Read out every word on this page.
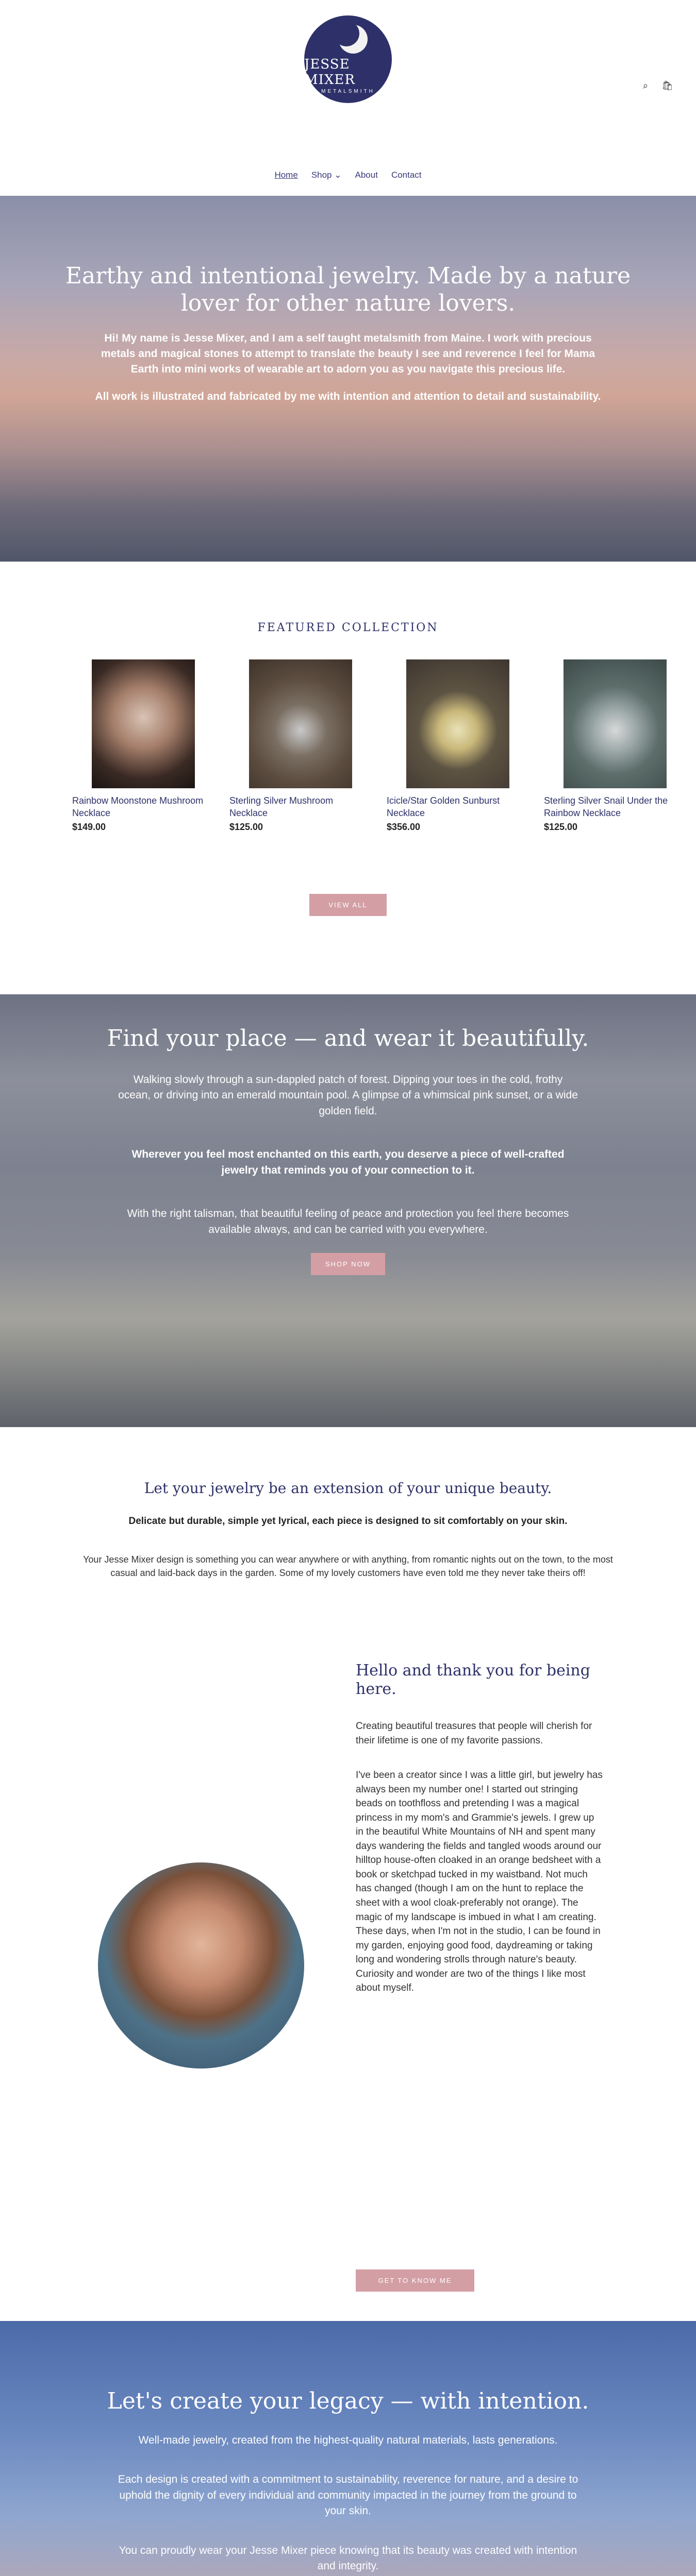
JESSE MIXER
METALSMITH
⌕ 🛍
Home Shop ⌄ About Contact
Earthy and intentional jewelry. Made by a nature lover for other nature lovers.

Hi! My name is Jesse Mixer, and I am a self taught metalsmith from Maine. I work with precious metals and magical stones to attempt to translate the beauty I see and reverence I feel for Mama Earth into mini works of wearable art to adorn you as you navigate this precious life.

All work is illustrated and fabricated by me with intention and attention to detail and sustainability.

FEATURED COLLECTION
Rainbow Moonstone Mushroom Necklace
$149.00
Sterling Silver Mushroom Necklace
$125.00
Icicle/Star Golden Sunburst Necklace
$356.00
Sterling Silver Snail Under the Rainbow Necklace
$125.00
VIEW ALL
Find your place — and wear it beautifully.

Walking slowly through a sun-dappled patch of forest. Dipping your toes in the cold, frothy ocean, or driving into an emerald mountain pool. A glimpse of a whimsical pink sunset, or a wide golden field.

Wherever you feel most enchanted on this earth, you deserve a piece of well-crafted jewelry that reminds you of your connection to it.

With the right talisman, that beautiful feeling of peace and protection you feel there becomes available always, and can be carried with you everywhere.

SHOP NOW
Let your jewelry be an extension of your unique beauty.
Delicate but durable, simple yet lyrical, each piece is designed to sit comfortably on your skin.
Your Jesse Mixer design is something you can wear anywhere or with anything, from romantic nights out on the town, to the most casual and laid-back days in the garden. Some of my lovely customers have even told me they never take theirs off!
Hello and thank you for being here.

Creating beautiful treasures that people will cherish for their lifetime is one of my favorite passions.

I've been a creator since I was a little girl, but jewelry has always been my number one! I started out stringing beads on toothfloss and pretending I was a magical princess in my mom's and Grammie's jewels. I grew up in the beautiful White Mountains of NH and spent many days wandering the fields and tangled woods around our hilltop house-often cloaked in an orange bedsheet with a book or sketchpad tucked in my waistband. Not much has changed (though I am on the hunt to replace the sheet with a wool cloak-preferably not orange). The magic of my landscape is imbued in what I am creating. These days, when I'm not in the studio, I can be found in my garden, enjoying good food, daydreaming or taking long and wondering strolls through nature's beauty. Curiosity and wonder are two of the things I like most about myself.

GET TO KNOW ME
Let's create your legacy — with intention.

Well-made jewelry, created from the highest-quality natural materials, lasts generations.

Each design is created with a commitment to sustainability, reverence for nature, and a desire to uphold the dignity of every individual and community impacted in the journey from the ground to your skin.

You can proudly wear your Jesse Mixer piece knowing that its beauty was created with intention and integrity.
